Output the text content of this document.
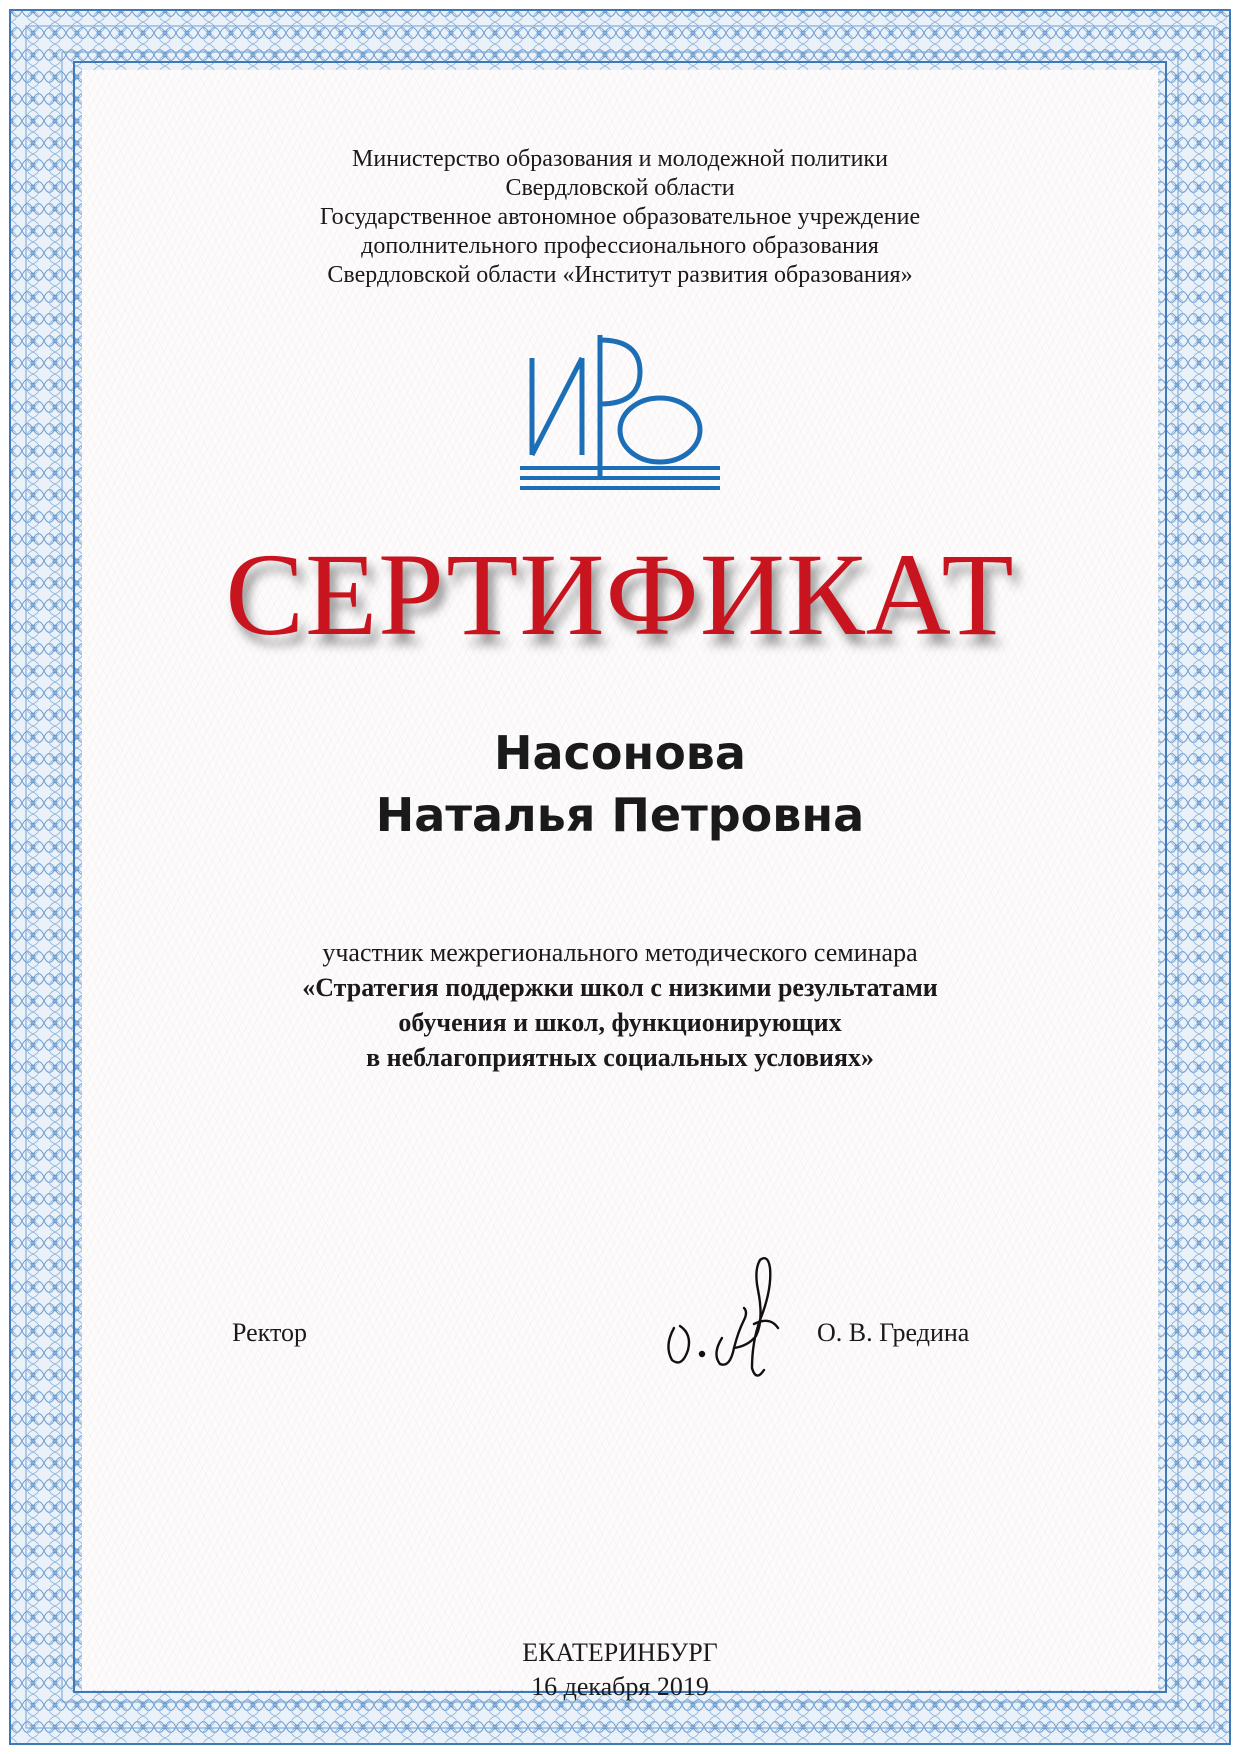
Министерство образования и молодежной политики
Свердловской области
Государственное автономное образовательное учреждение
дополнительного профессионального образования
Свердловской области «Институт развития образования»
СЕРТИФИКАТ
Насонова
Наталья Петровна
участник межрегионального методического семинара
«Стратегия поддержки школ с низкими результатами
обучения и школ, функционирующих
в неблагоприятных социальных условиях»
Ректор	О. В. Гредина
ЕКАТЕРИНБУРГ
16 декабря 2019
